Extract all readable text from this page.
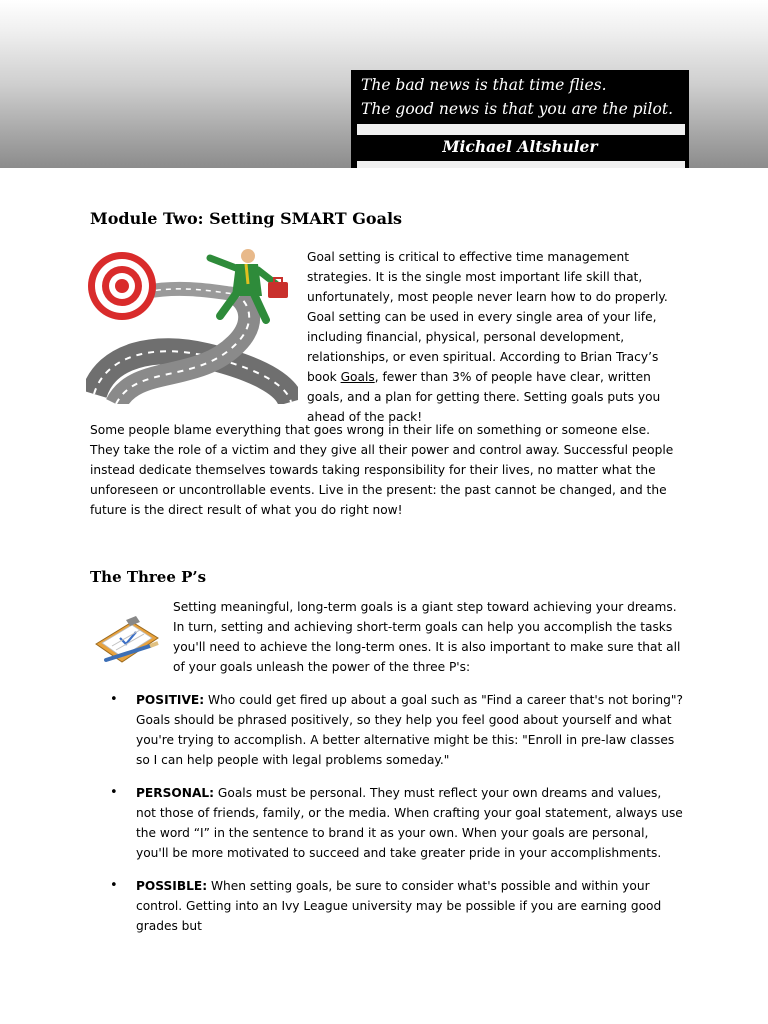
The bad news is that time flies.
The good news is that you are the pilot.
Michael Altshuler
Module Two: Setting SMART Goals

Goal setting is critical to effective time management strategies. It is the single most important life skill that, unfortunately, most people never learn how to do properly. Goal setting can be used in every single area of your life, including financial, physical, personal development, relationships, or even spiritual. According to Brian Tracy’s book Goals, fewer than 3% of people have clear, written goals, and a plan for getting there. Setting goals puts you ahead of the pack!

Some people blame everything that goes wrong in their life on something or someone else. They take the role of a victim and they give all their power and control away. Successful people instead dedicate themselves towards taking responsibility for their lives, no matter what the unforeseen or uncontrollable events. Live in the present: the past cannot be changed, and the future is the direct result of what you do right now!

The Three P’s

Setting meaningful, long-term goals is a giant step toward achieving your dreams. In turn, setting and achieving short-term goals can help you accomplish the tasks you'll need to achieve the long-term ones. It is also important to make sure that all of your goals unleash the power of the three P's:

• POSITIVE: Who could get fired up about a goal such as "Find a career that's not boring"? Goals should be phrased positively, so they help you feel good about yourself and what you're trying to accomplish. A better alternative might be this: "Enroll in pre-law classes so I can help people with legal problems someday."
• PERSONAL: Goals must be personal. They must reflect your own dreams and values, not those of friends, family, or the media. When crafting your goal statement, always use the word “I” in the sentence to brand it as your own. When your goals are personal, you'll be more motivated to succeed and take greater pride in your accomplishments.
• POSSIBLE: When setting goals, be sure to consider what's possible and within your control. Getting into an Ivy League university may be possible if you are earning good grades but
